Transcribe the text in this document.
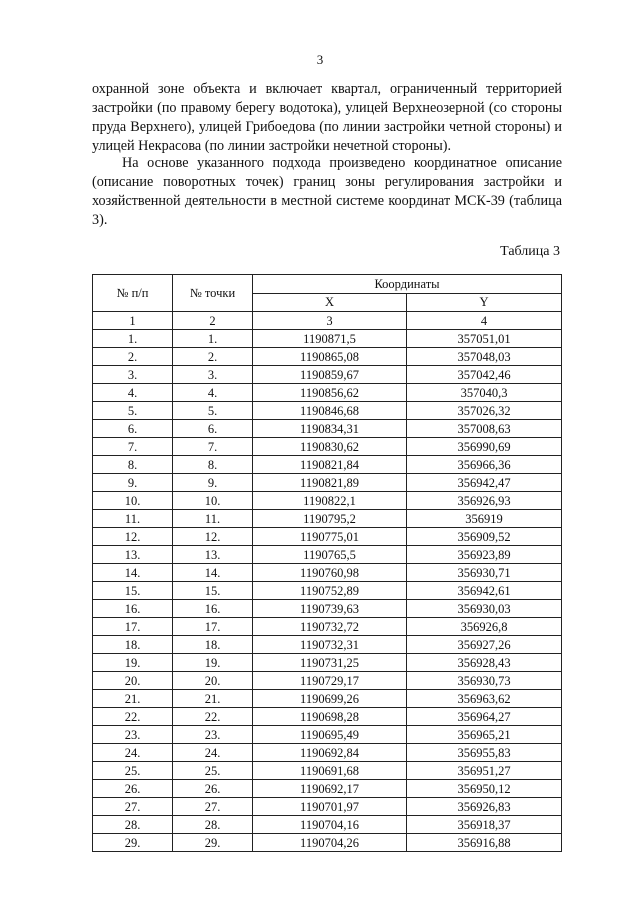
3

охранной зоне объекта и включает квартал, ограниченный территорией застройки (по правому берегу водотока), улицей Верхнеозерной (со стороны пруда Верхнего), улицей Грибоедова (по линии застройки четной стороны) и улицей Некрасова (по линии застройки нечетной стороны).

На основе указанного подхода произведено координатное описание (описание поворотных точек) границ зоны регулирования застройки и хозяйственной деятельности в местной системе координат МСК-39 (таблица 3).

Таблица 3
№ п/п	№ точки	Координаты	
		X	Y
1	2	3	4
1.	1.	1190871,5	357051,01
2.	2.	1190865,08	357048,03
3.	3.	1190859,67	357042,46
4.	4.	1190856,62	357040,3
5.	5.	1190846,68	357026,32
6.	6.	1190834,31	357008,63
7.	7.	1190830,62	356990,69
8.	8.	1190821,84	356966,36
9.	9.	1190821,89	356942,47
10.	10.	1190822,1	356926,93
11.	11.	1190795,2	356919
12.	12.	1190775,01	356909,52
13.	13.	1190765,5	356923,89
14.	14.	1190760,98	356930,71
15.	15.	1190752,89	356942,61
16.	16.	1190739,63	356930,03
17.	17.	1190732,72	356926,8
18.	18.	1190732,31	356927,26
19.	19.	1190731,25	356928,43
20.	20.	1190729,17	356930,73
21.	21.	1190699,26	356963,62
22.	22.	1190698,28	356964,27
23.	23.	1190695,49	356965,21
24.	24.	1190692,84	356955,83
25.	25.	1190691,68	356951,27
26.	26.	1190692,17	356950,12
27.	27.	1190701,97	356926,83
28.	28.	1190704,16	356918,37
29.	29.	1190704,26	356916,88
